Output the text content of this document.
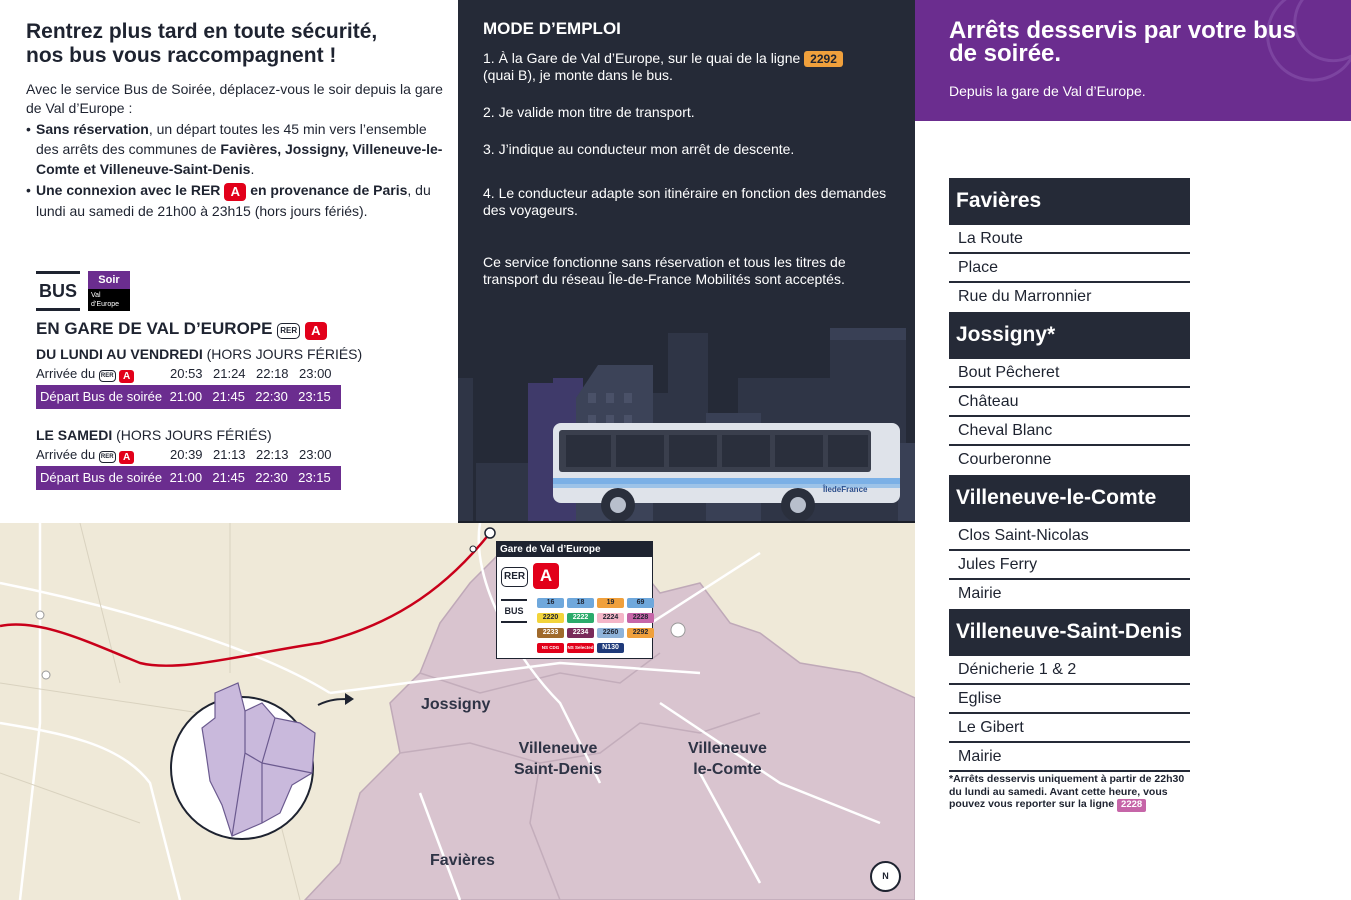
Rentrez plus tard en toute sécurité,
nos bus vous raccompagnent !

Avec le service Bus de Soirée, déplacez-vous le soir depuis la gare de Val d’Europe :

• Sans réservation, un départ toutes les 45 min vers l’ensemble des arrêts des communes de Favières, Jossigny, Villeneuve-le-Comte et Villeneuve-Saint-Denis.
• Une connexion avec le RER A en provenance de Paris, du lundi au samedi de 21h00 à 23h15 (hors jours fériés).
BUS
Soir
Val
d’Europe
EN GARE DE VAL D’EUROPE RER A
DU LUNDI AU VENDREDI (HORS JOURS FÉRIÉS)
Arrivée du RER A	20:53 21:24 22:18 23:00
Départ Bus de soirée 21:00 21:45 22:30 23:15
LE SAMEDI (HORS JOURS FÉRIÉS)
Arrivée du RER A	20:39 21:13 22:13 23:00
Départ Bus de soirée 21:00 21:45 22:30 23:15
MODE D’EMPLOI

1. À la Gare de Val d’Europe, sur le quai de la ligne 2292
(quai B), je monte dans le bus.

2. Je valide mon titre de transport.

3. J’indique au conducteur mon arrêt de descente.

4. Le conducteur adapte son itinéraire en fonction des demandes des voyageurs.

Ce service fonctionne sans réservation et tous les titres de transport du réseau Île-de-France Mobilités sont acceptés.

ÎledeFrance
Arrêts desservis par votre bus de soirée.

Depuis la gare de Val d’Europe.

Favières
La Route
Place
Rue du Marronnier
Jossigny*
Bout Pêcheret
Château
Cheval Blanc
Courberonne
Villeneuve-le-Comte
Clos Saint-Nicolas
Jules Ferry
Mairie
Villeneuve-Saint-Denis
Dénicherie 1 & 2
Eglise
Le Gibert
Mairie

*Arrêts desservis uniquement à partir de 22h30 du lundi au samedi. Avant cette heure, vous pouvez vous reporter sur la ligne 2228

Gare de Val d’Europe
RER A
BUS
16	18	19	69
2220	2222	2224	2228
2233	2234	2260	2292
NS CDG	NS Selected	N130
Jossigny
Villeneuve
Saint-Denis
Villeneuve
le-Comte
Favières
N
